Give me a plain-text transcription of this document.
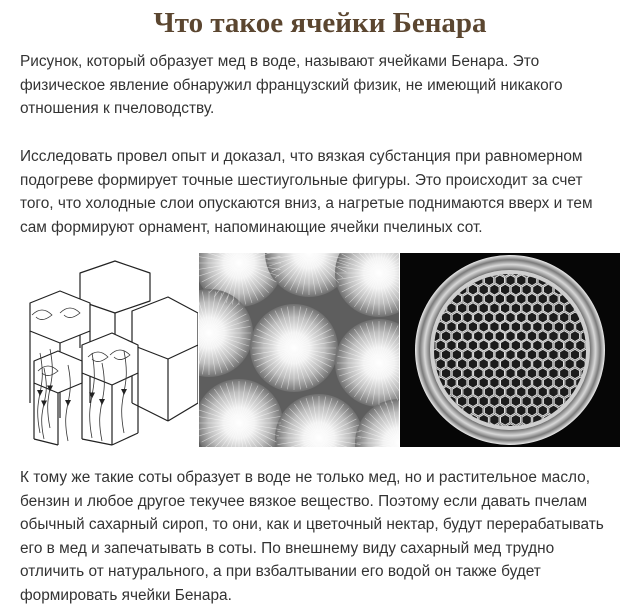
Что такое ячейки Бенара

Рисунок, который образует мед в воде, называют ячейками Бенара. Это физическое явление обнаружил французский физик, не имеющий никакого отношения к пчеловодству.

Исследовать провел опыт и доказал, что вязкая субстанция при равномерном подогреве формирует точные шестиугольные фигуры. Это происходит за счет того, что холодные слои опускаются вниз, а нагретые поднимаются вверх и тем сам формируют орнамент, напоминающие ячейки пчелиных сот.

К тому же такие соты образует в воде не только мед, но и растительное масло, бензин и любое другое текучее вязкое вещество. Поэтому если давать пчелам обычный сахарный сироп, то они, как и цветочный нектар, будут перерабатывать его в мед и запечатывать в соты. По внешнему виду сахарный мед трудно отличить от натурального, а при взбалтывании его водой он также будет формировать ячейки Бенара.
